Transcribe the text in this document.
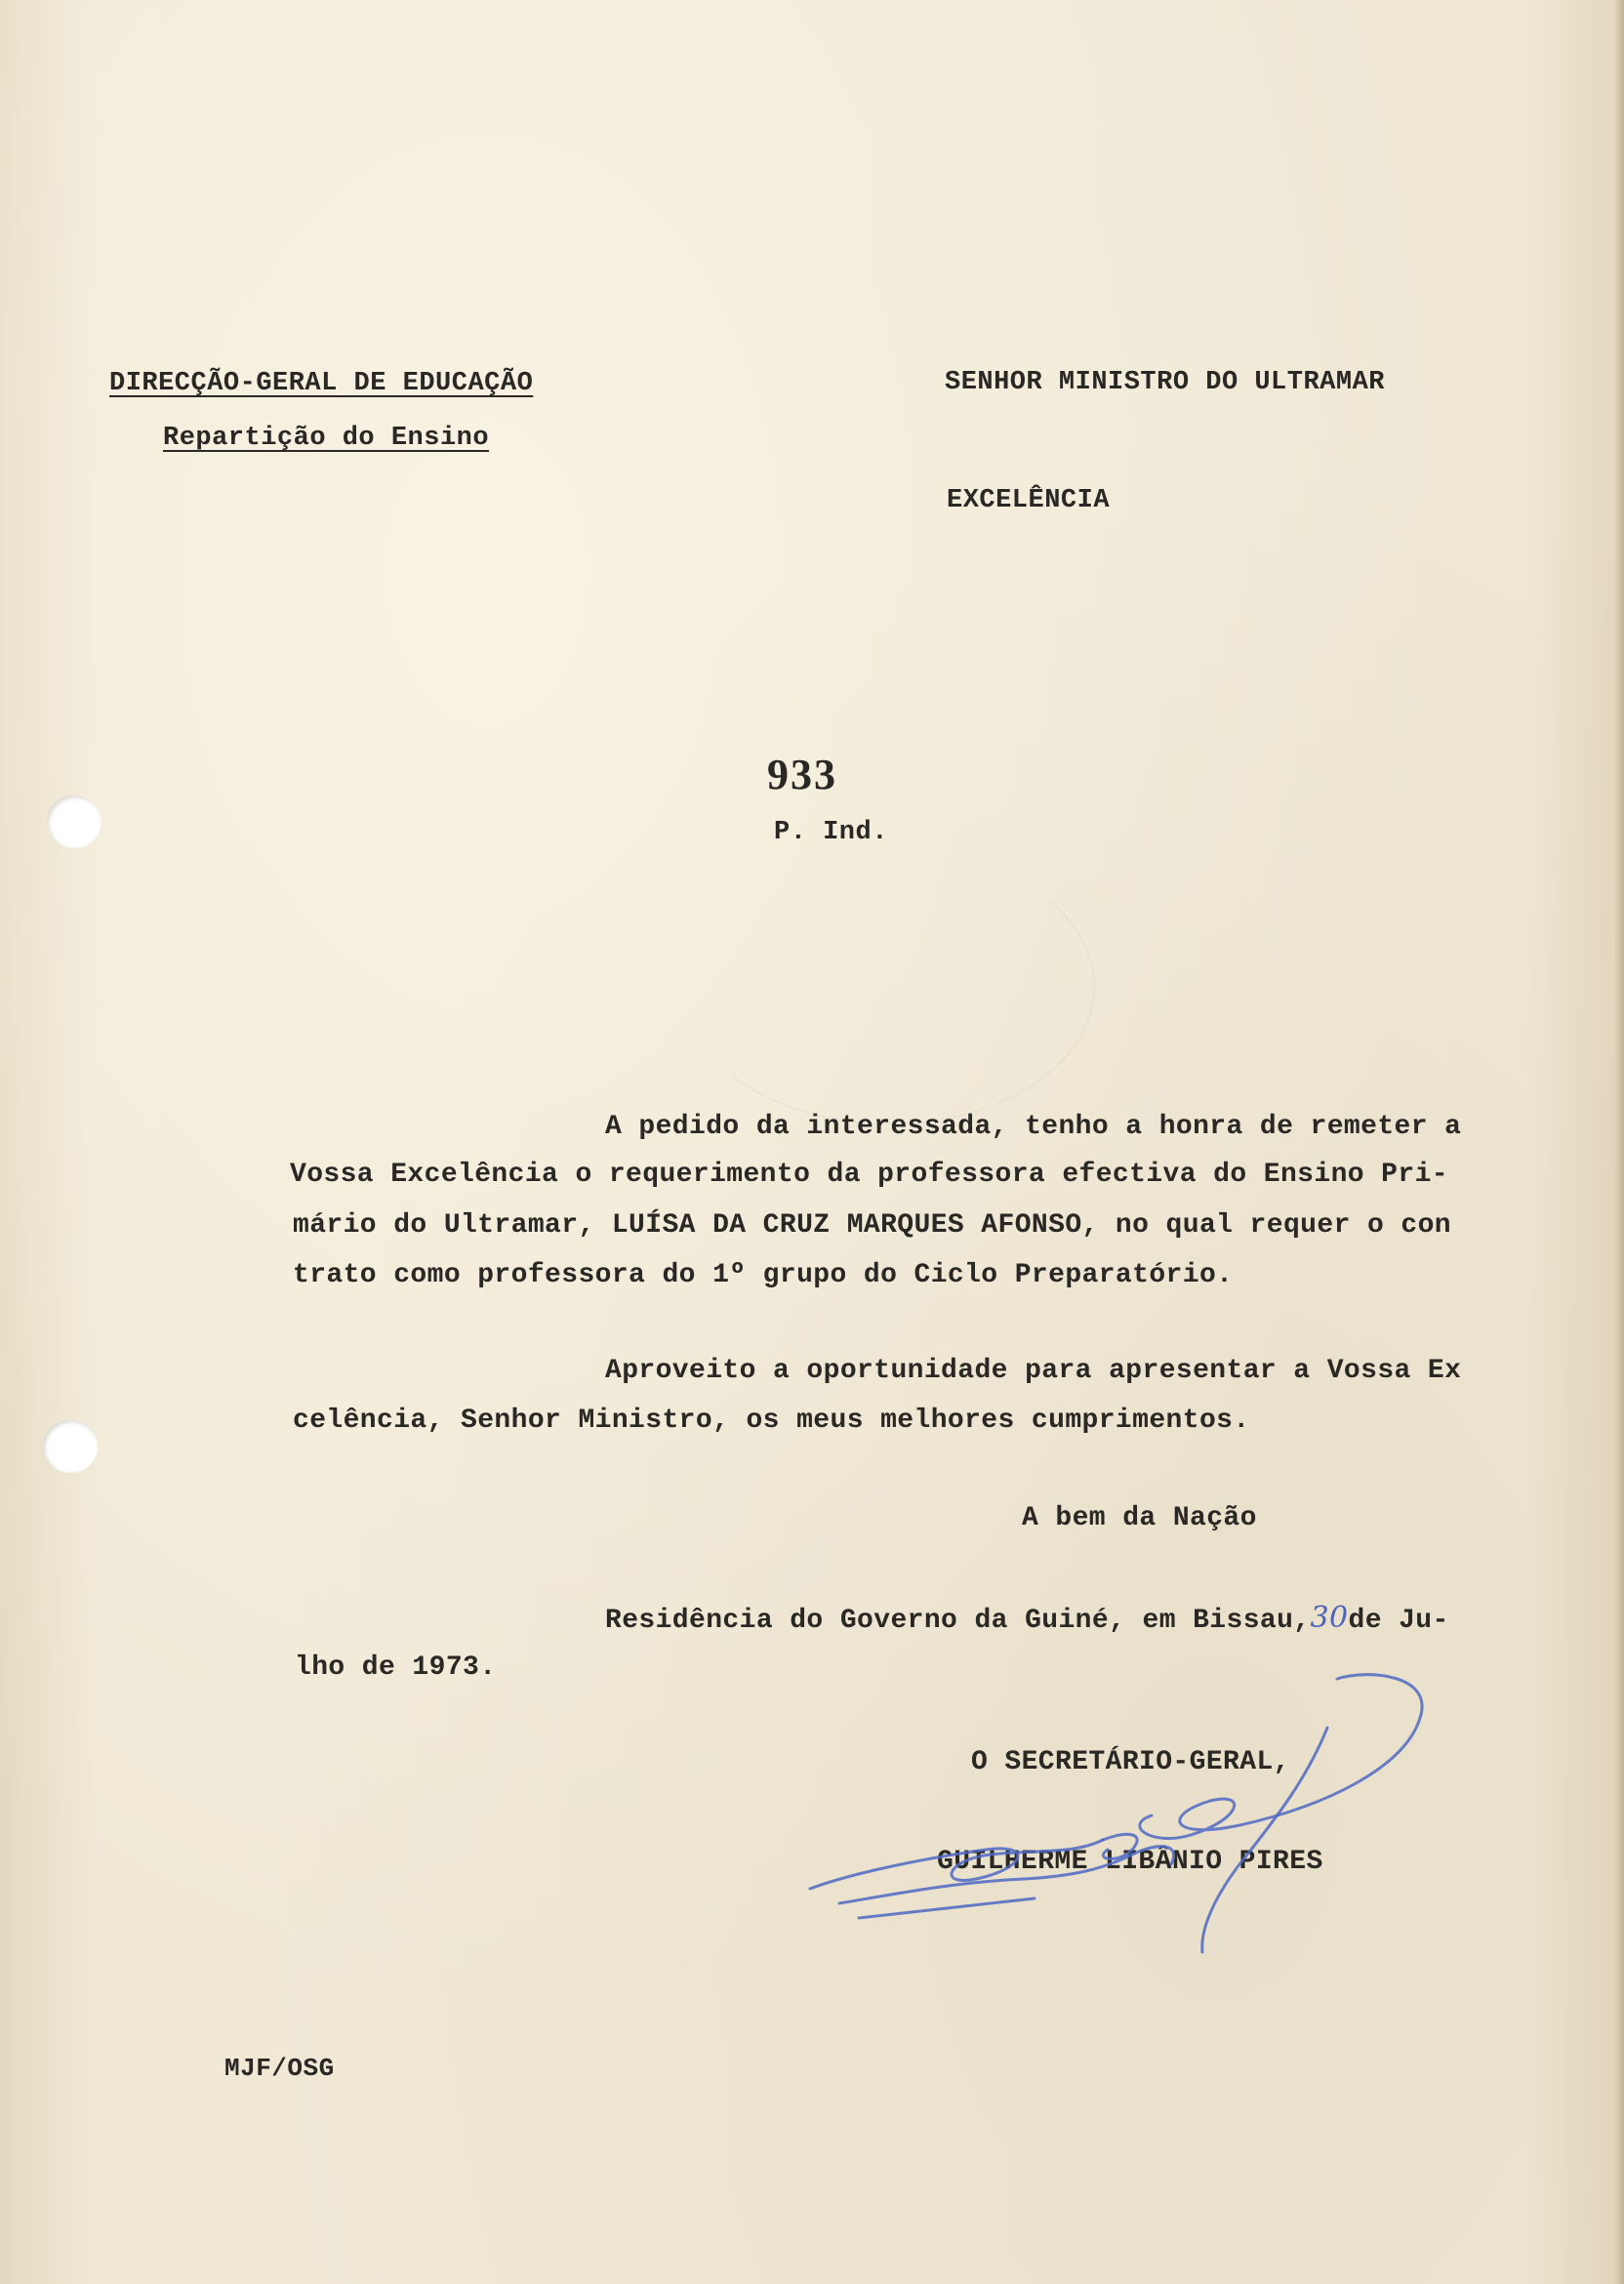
DIRECÇÃO-GERAL DE EDUCAÇÃO

Repartição do Ensino

SENHOR MINISTRO DO ULTRAMAR

EXCELÊNCIA

933

P. Ind.

A pedido da interessada, tenho a honra de remeter a

Vossa Excelência o requerimento da professora efectiva do Ensino Pri-

mário do Ultramar, LUÍSA DA CRUZ MARQUES AFONSO, no qual requer o con

trato como professora do 1º grupo do Ciclo Preparatório.

Aproveito a oportunidade para apresentar a Vossa Ex

celência, Senhor Ministro, os meus melhores cumprimentos.

A bem da Nação

Residência do Governo da Guiné, em Bissau,30de Ju-

lho de 1973.

O SECRETÁRIO-GERAL,

GUILHERME LIBÂNIO PIRES

MJF/OSG
